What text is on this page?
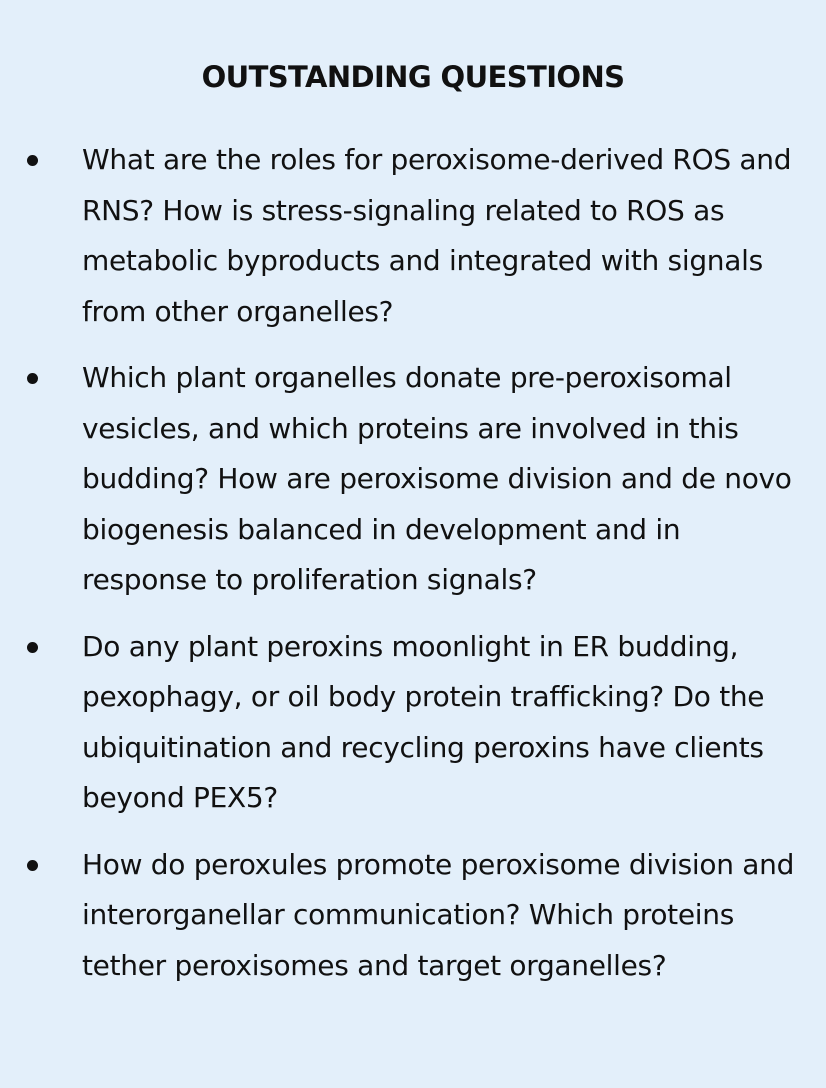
OUTSTANDING QUESTIONS
What are the roles for peroxisome-derived ROS and RNS? How is stress-signaling related to ROS as metabolic byproducts and integrated with signals from other organelles?
Which plant organelles donate pre-peroxisomal vesicles, and which proteins are involved in this budding? How are peroxisome division and de novo biogenesis balanced in development and in response to proliferation signals?
Do any plant peroxins moonlight in ER budding, pexophagy, or oil body protein trafficking? Do the ubiquitination and recycling peroxins have clients beyond PEX5?
How do peroxules promote peroxisome division and interorganellar communication? Which proteins tether peroxisomes and target organelles?
